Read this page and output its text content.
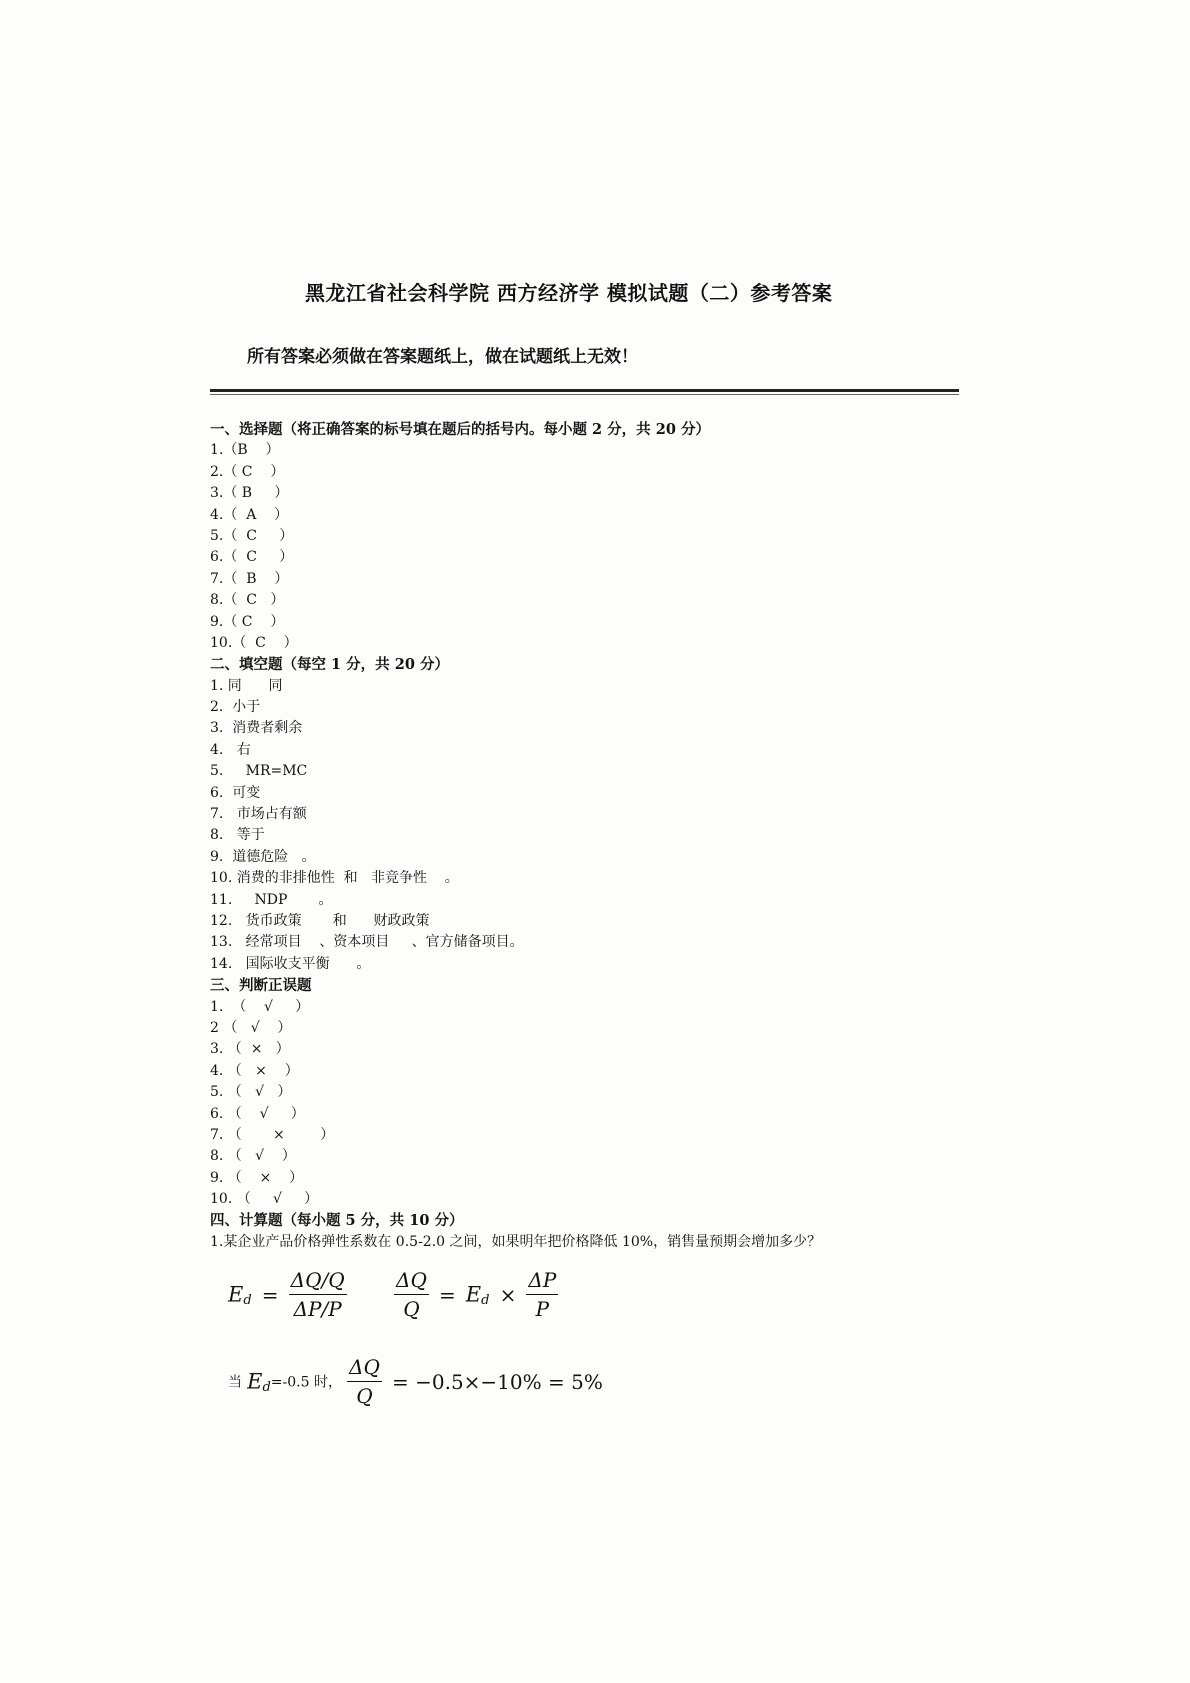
黑龙江省社会科学院 西方经济学 模拟试题（二）参考答案
所有答案必须做在答案题纸上，做在试题纸上无效！
一、选择题（将正确答案的标号填在题后的括号内。每小题 2 分，共 20 分）
1.（B    ）
2.（ C    ）
3.（ B     ）
4.（  A    ）
5.（  C     ）
6.（  C     ）
7.（  B    ）
8.（  C   ）
9.（ C    ）
10.（  C    ）
二、填空题（每空 1 分，共 20 分）
1. 同      同
2.  小于
3.  消费者剩余
4.   右
5.     MR=MC
6.  可变
7.   市场占有额
8.   等于
9.  道德危险   。
10. 消费的非排他性  和   非竞争性    。
11.     NDP       。
12.   货币政策       和      财政政策
13.   经常项目    、资本项目     、官方储备项目。
14.   国际收支平衡      。
三、判断正误题
1.  （    √     ）
2 （   √    ）
3. （  ×   ）
4. （   ×    ）
5. （   √   ）
6. （    √     ）
7. （       ×        ）
8. （   √    ）
9. （    ×    ）
10. （     √     ）
四、计算题（每小题 5 分，共 10 分）
1.某企业产品价格弹性系数在 0.5-2.0 之间，如果明年把价格降低 10%，销售量预期会增加多少？
$E_d = \frac{\Delta Q/Q}{\Delta P/P} \frac{\Delta Q}{Q} = E_d \times \frac{\Delta P}{P}$
当 $E_d=-0.5$ 时， $\frac{\Delta Q}{Q} = -0.5\times-10\% = 5\%$
